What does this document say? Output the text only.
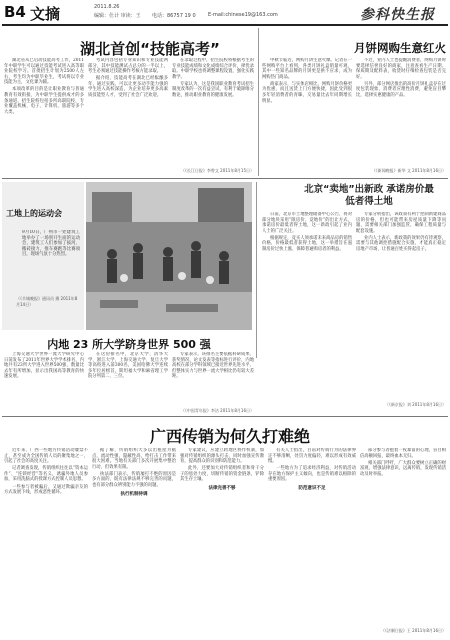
B4 文摘	2011.8.26
编辑：仕计 审读：王 电话：86757 19 0 E-mail:chinese19@163.com	参科快生报
湖北首创“技能高考”

湖北省从已启动技能高考工作，2011年中职学生可以通过技能考试进入高等职业院校学习。首批招生计划为2500人左右，考生均为中职毕业生，考试将以专业技能为主，文化课为辅。

本项改革的目的是让职业教育与普通教育有效衔接，为中职学生提供成才的多条通道，招生院校包括多所高职院校，专业覆盖机械、电子、计算机、旅游等多个大类。

考试内容包括专业知识和专业技能两部分，其中技能测试占总分的一半以上，考生必须通过技能操作考核方能录取。

据介绍，技能高考在湖北已经酝酿多年，通过实践，可以让更多动手能力强的学生进入高校深造，为企业培养更多高素质技能型人才，受到了社会广泛欢迎。

在录取过程中，招生院校将根据考生的专业技能成绩和文化成绩综合评价，择优录取。中职学校也将调整课程设置，强化实践教学。

专家认为，这是我国职业教育考试招生制度改革的一次有益尝试，有利于破除唯分数论，推动职业教育的健康发展。

（《长江日报》李曾文 2011年8月15日）
月饼网购生意红火

中秋节临近，网购月饼生意火爆。记者在一些网购平台上看到，各类月饼礼盒销量可观，其中一些知名品牌的月饼更是供不应求，成为网购热门商品。

商家表示，与实体店相比，网购月饼价格更为优惠，而且送货上门方便快捷，因此受到很多年轻消费者的青睐，交易量比去年同期增长明显。

不过，业内人士也提醒消费者，网购月饼时要选择信誉良好的商家，注意查看生产日期、保质期及配料表，收货时仔细检查包装是否完好。

另外，部分网店推出的高价月饼礼盒存在过度包装现象，消费者应理性消费，避免盲目攀比，选择实惠健康的产品。

（《新闻晚报》新华 文 2011年8月16日）
工地上的运动会
9月10日，广州市一处建筑工地举办了一场别开生面的运动会，建筑工人们参加了拔河、搬砖接力、推车赛跑等比赛项目，现场气氛十分热烈。
（《羊城晚报》通讯员 摄 2011年8月14日）
内地 23 所大学跻身世界 500 强

上海交通大学世界一流大学研究中心日前发布了2011年世界大学学术排名，内地共有23所大学进入世界500强，数量比去年有所增加，显示出我国高等教育的快速发展。

在这份排名中，北京大学、清华大学、浙江大学、上海交通大学、复旦大学等高校进入前300名，美国哈佛大学连续多年位居榜首，斯坦福大学和麻省理工学院分列第二、三位。

专家表示，该排名主要依据科研成果、获奖情况、论文发表等指标进行评价，内地高校在部分学科领域已接近世界先进水平，但整体实力与世界一流大学相比仍有较大差距。

（《中国青年报》李洁 2011年8月16日）
北京“卖地”出新政 承诺房价最低者得土地

日前，北京市土地整理储备中心公告，将对部分地块采用“限房价、竞地价”的出让方式，承诺房价最低者得土地，这一新政引起了业内人士的广泛关注。

根据规定，竞买人须承诺未来商品房的销售价格，价格最低者获得土地，这一举措旨在遏制房价过快上涨，保障普通购房者的利益。

专家分析指出，该政策有利于控制新建商品房的价格，但也可能带来房屋质量下降等问题，需要相关部门加强监管，确保工程质量与配套设施。

业内人士表示，新政策的效果仍有待观察，需要与其他调控措施配合实施，才能真正稳定房地产市场，让普通百姓买得起房子。

（《新京报》刘 2011年8月16日）
广西传销为何久打难绝

近年来，广西一些地方传销活动屡禁不止，甚至成为全国传销人员的聚集地之一，引起了社会的高度关注。

记者调查发现，传销组织往往以“资本运作”、“连锁经营”等名义，诱骗外地人员参加，采用洗脑式的授课方式控制人员思想。

一些参与者被骗后，又通过欺骗亲友的方式发展下线，形成恶性循环。

据了解，传销组织大多以出租屋为据点，流动性强，隐蔽性高，给打击工作带来很大困难。当地有关部门多次开展集中整治行动，但效果有限。

执法部门表示，传销屡打不绝的原因是多方面的，既有法律法规不够完善的问题，也有部分群众辨别能力不强的问题。

执行机制待调

专家建议，应建立跨地区协作机制，加强对传销组织的源头打击，同时加强宣传教育，提高群众的识别和防范能力。

此外，还要加大对传销组织者和骨干分子的惩处力度，切断传销的资金链条，铲除其生存土壤。

法律完善不够

有关人士指出，目前对传销行为的法律界定不够清晰，处罚力度偏轻，难以形成有效威慑。

一些地方为了追求经济利益，对传销活动存在地方保护主义倾向，也是传销难以根除的重要原因。

防范意识不足

部分参与者抱着一夜暴富的心理，盲目相信高额回报，最终血本无归。

相关部门呼吁，广大群众要树立正确的财富观，增强法律意识，远离传销，发现传销活动及时举报。

（《法制日报》王 2011年8月16日）
